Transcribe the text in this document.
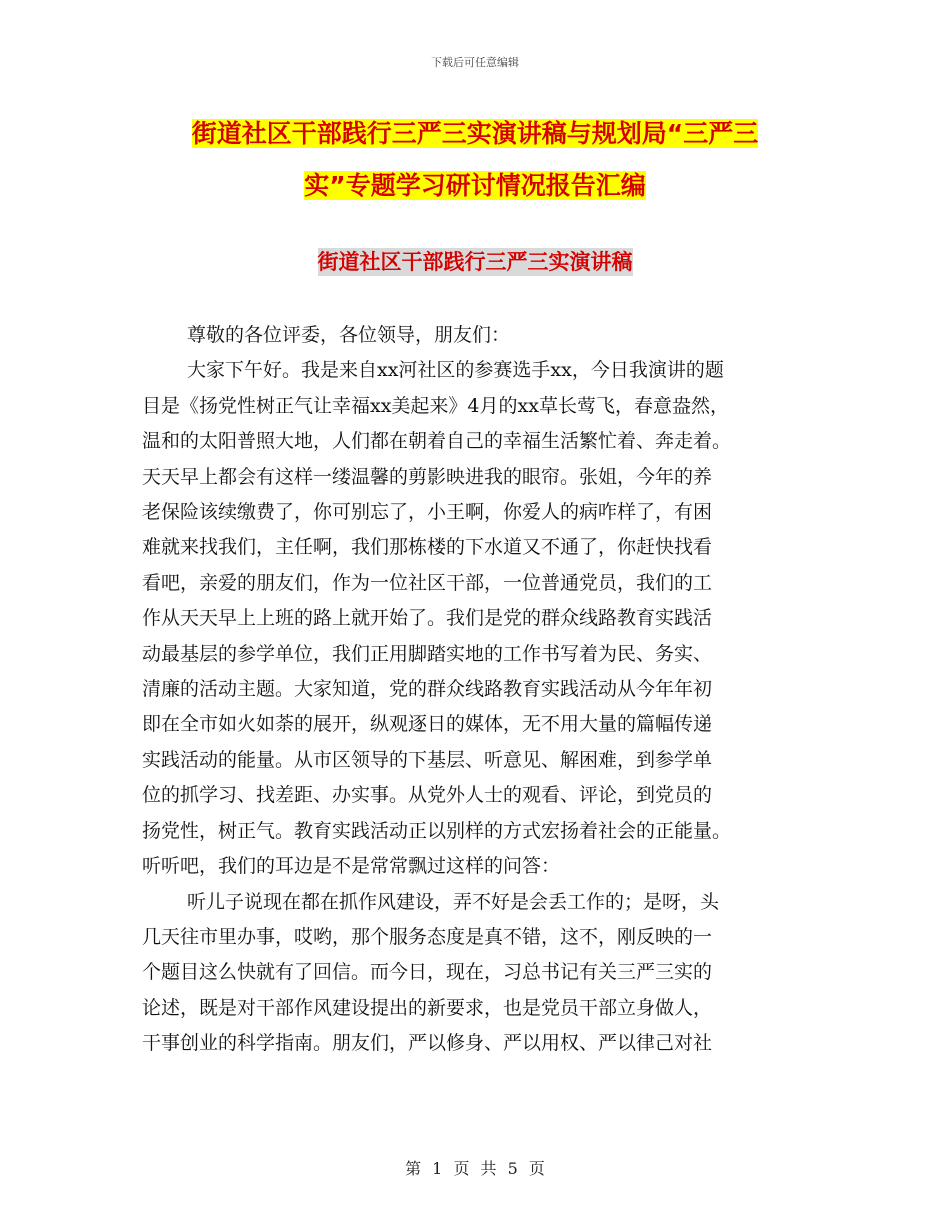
下载后可任意编辑
街道社区干部践行三严三实演讲稿与规划局“三严三
实”专题学习研讨情况报告汇编
街道社区干部践行三严三实演讲稿
尊敬的各位评委，各位领导，朋友们：
大家下午好。我是来自xx河社区的参赛选手xx，今日我演讲的题
目是《扬党性树正气让幸福xx美起来》4月的xx草长莺飞，春意盎然，
温和的太阳普照大地，人们都在朝着自己的幸福生活繁忙着、奔走着。
天天早上都会有这样一缕温馨的剪影映进我的眼帘。张姐，今年的养
老保险该续缴费了，你可别忘了，小王啊，你爱人的病咋样了，有困
难就来找我们，主任啊，我们那栋楼的下水道又不通了，你赶快找看
看吧，亲爱的朋友们，作为一位社区干部，一位普通党员，我们的工
作从天天早上上班的路上就开始了。我们是党的群众线路教育实践活
动最基层的参学单位，我们正用脚踏实地的工作书写着为民、务实、
清廉的活动主题。大家知道，党的群众线路教育实践活动从今年年初
即在全市如火如荼的展开，纵观逐日的媒体，无不用大量的篇幅传递
实践活动的能量。从市区领导的下基层、听意见、解困难，到参学单
位的抓学习、找差距、办实事。从党外人士的观看、评论，到党员的
扬党性，树正气。教育实践活动正以别样的方式宏扬着社会的正能量。
听听吧，我们的耳边是不是常常飘过这样的问答：
听儿子说现在都在抓作风建设，弄不好是会丢工作的；是呀，头
几天往市里办事，哎哟，那个服务态度是真不错，这不，刚反映的一
个题目这么快就有了回信。而今日，现在，习总书记有关三严三实的
论述，既是对干部作风建设提出的新要求，也是党员干部立身做人，
干事创业的科学指南。朋友们，严以修身、严以用权、严以律己对社
第 1 页 共 5 页
